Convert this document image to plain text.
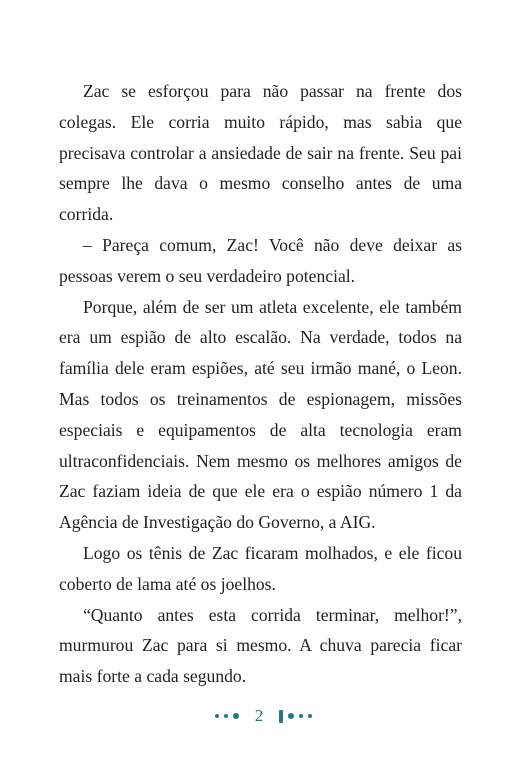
Zac se esforçou para não passar na frente dos colegas. Ele corria muito rápido, mas sabia que precisava controlar a ansiedade de sair na frente. Seu pai sempre lhe dava o mesmo conselho antes de uma corrida.

– Pareça comum, Zac! Você não deve deixar as pessoas verem o seu verdadeiro potencial.

Porque, além de ser um atleta excelente, ele também era um espião de alto escalão. Na verdade, todos na família dele eram espiões, até seu irmão mané, o Leon. Mas todos os treinamentos de espionagem, missões especiais e equipamentos de alta tecnologia eram ultraconfidenciais. Nem mesmo os melhores amigos de Zac faziam ideia de que ele era o espião número 1 da Agência de Investigação do Governo, a AIG.

Logo os tênis de Zac ficaram molhados, e ele ficou coberto de lama até os joelhos.

“Quanto antes esta corrida terminar, melhor!”, murmurou Zac para si mesmo. A chuva parecia ficar mais forte a cada segundo.

2
